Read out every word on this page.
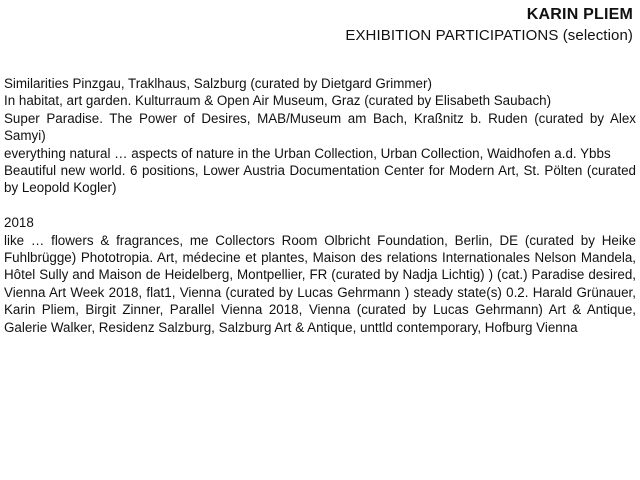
KARIN PLIEM
EXHIBITION PARTICIPATIONS (selection)

Similarities Pinzgau, Traklhaus, Salzburg (curated by Dietgard Grimmer)

In habitat, art garden. Kulturraum & Open Air Museum, Graz (curated by Elisabeth Saubach)

Super Paradise. The Power of Desires, MAB/Museum am Bach, Kraßnitz b. Ruden (curated by Alex Samyi)

everything natural … aspects of nature in the Urban Collection, Urban Collection, Waidhofen a.d. Ybbs

Beautiful new world. 6 positions, Lower Austria Documentation Center for Modern Art, St. Pölten (curated by Leopold Kogler)

2018

like … flowers & fragrances, me Collectors Room Olbricht Foundation, Berlin, DE (curated by Heike Fuhlbrügge) Phototropia. Art, médecine et plantes, Maison des relations Internationales Nelson Mandela, Hôtel Sully and Maison de Heidelberg, Montpellier, FR (curated by Nadja Lichtig) ) (cat.) Paradise desired, Vienna Art Week 2018, flat1, Vienna (curated by Lucas Gehrmann ) steady state(s) 0.2. Harald Grünauer, Karin Pliem, Birgit Zinner, Parallel Vienna 2018, Vienna (curated by Lucas Gehrmann) Art & Antique, Galerie Walker, Residenz Salzburg, Salzburg Art & Antique, unttld contemporary, Hofburg Vienna
